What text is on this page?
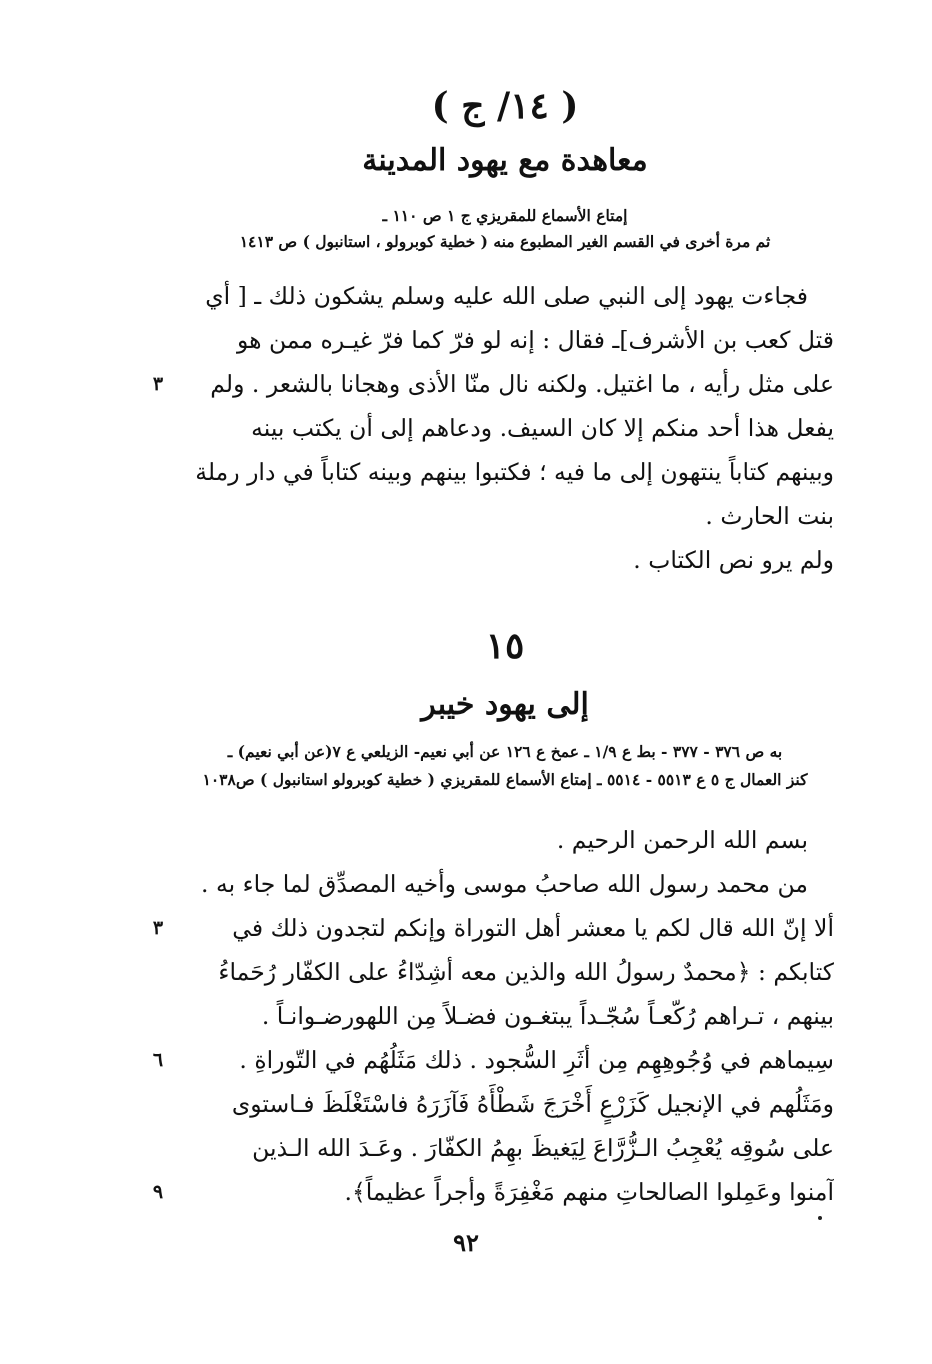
( ١٤/ ج )
معاهدة مع يهود المدينة
إمتاع الأسماع للمقريزي ج ١ ص ١١٠ ـ
ثم مرة أخرى في القسم الغير المطبوع منه ( خطية كوبرولو ، استانبول ) ص ١٤١٣
فجاءت يهود إلى النبي صلى الله عليه وسلم يشكون ذلك ـ [ أي
قتل كعب بن الأشرف]ـ فقال : إنه لو فرّ كما فرّ غيـره ممن هو
على مثل رأيه ، ما اغتيل. ولكنه نال منّا الأذى وهجانا بالشعر . ولم
يفعل هذا أحد منكم إلا كان السيف. ودعاهم إلى أن يكتب بينه
وبينهم كتاباً ينتهون إلى ما فيه ؛ فكتبوا بينهم وبينه كتاباً في دار رملة
بنت الحارث .
ولم يرو نص الكتاب .
٣
١٥
إلى يهود خيبر
به ص ٣٧٦ - ٣٧٧ - بط ع ١/٩ ـ عمخ ع ١٢٦ عن أبي نعيم- الزيلعي ع ٧(عن أبي نعيم) ـ
كنز العمال ج ٥ ع ٥٥١٣ - ٥٥١٤ ـ إمتاع الأسماع للمقريزي ( خطية كوبرولو استانبول ) ص١٠٣٨
بسم الله الرحمن الرحيم .
من محمد رسول الله صاحبُ موسى وأخيه المصدِّق لما جاء به .
ألا إنّ الله قال لكم يا معشر أهل التوراة وإنكم لتجدون ذلك في
كتابكم : ﴿محمدٌ رسولُ الله والذين معه أشِدّاءُ على الكفّار رُحَماءُ
بينهم ، تـراهم رُكّعـاً سُجّـداً يبتغـون فضـلاً مِن اللهورضـوانـاً .
سِيماهم في وُجُوهِهِم مِن أثَرِ السُّجود . ذلك مَثَلُهُم في التّوراةِ .
ومَثَلُهم في الإنجيل كَزَرْعٍ أَخْرَجَ شَطْأَهُ فَآزَرَهُ فاسْتَغْلَظَ فـاستوى
على سُوقِه يُعْجِبُ الـزُّرَّاعَ لِيَغيظَ بهِمُ الكفّارَ . وعَـدَ الله الـذين
آمنوا وعَمِلوا الصالحاتِ منهم مَغْفِرَةً وأجراً عظيماً﴾.
٣
٦
٩
٩٢
